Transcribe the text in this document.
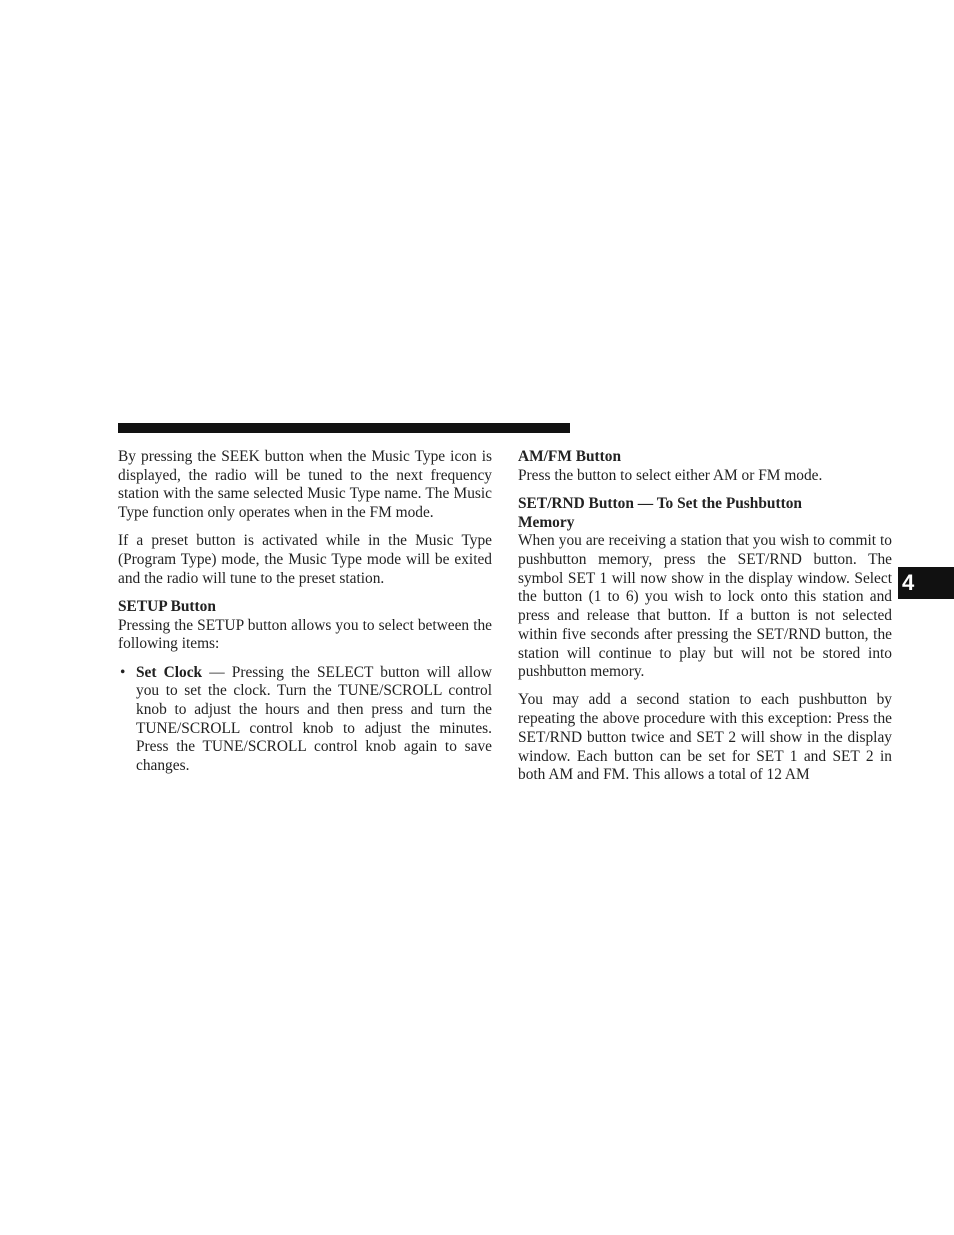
By pressing the SEEK button when the Music Type icon is displayed, the radio will be tuned to the next frequency station with the same selected Music Type name. The Music Type function only operates when in the FM mode.

If a preset button is activated while in the Music Type (Program Type) mode, the Music Type mode will be exited and the radio will tune to the preset station.

SETUP Button

Pressing the SETUP button allows you to select between the following items:

• Set Clock — Pressing the SELECT button will allow you to set the clock. Turn the TUNE/SCROLL control knob to adjust the hours and then press and turn the TUNE/SCROLL control knob to adjust the minutes. Press the TUNE/SCROLL control knob again to save changes.

AM/FM Button

Press the button to select either AM or FM mode.

SET/RND Button — To Set the Pushbutton Memory

When you are receiving a station that you wish to commit to pushbutton memory, press the SET/RND button. The symbol SET 1 will now show in the display window. Select the button (1 to 6) you wish to lock onto this station and press and release that button. If a button is not selected within five seconds after pressing the SET/RND button, the station will continue to play but will not be stored into pushbutton memory.

You may add a second station to each pushbutton by repeating the above procedure with this exception: Press the SET/RND button twice and SET 2 will show in the display window. Each button can be set for SET 1 and SET 2 in both AM and FM. This allows a total of 12 AM

4
